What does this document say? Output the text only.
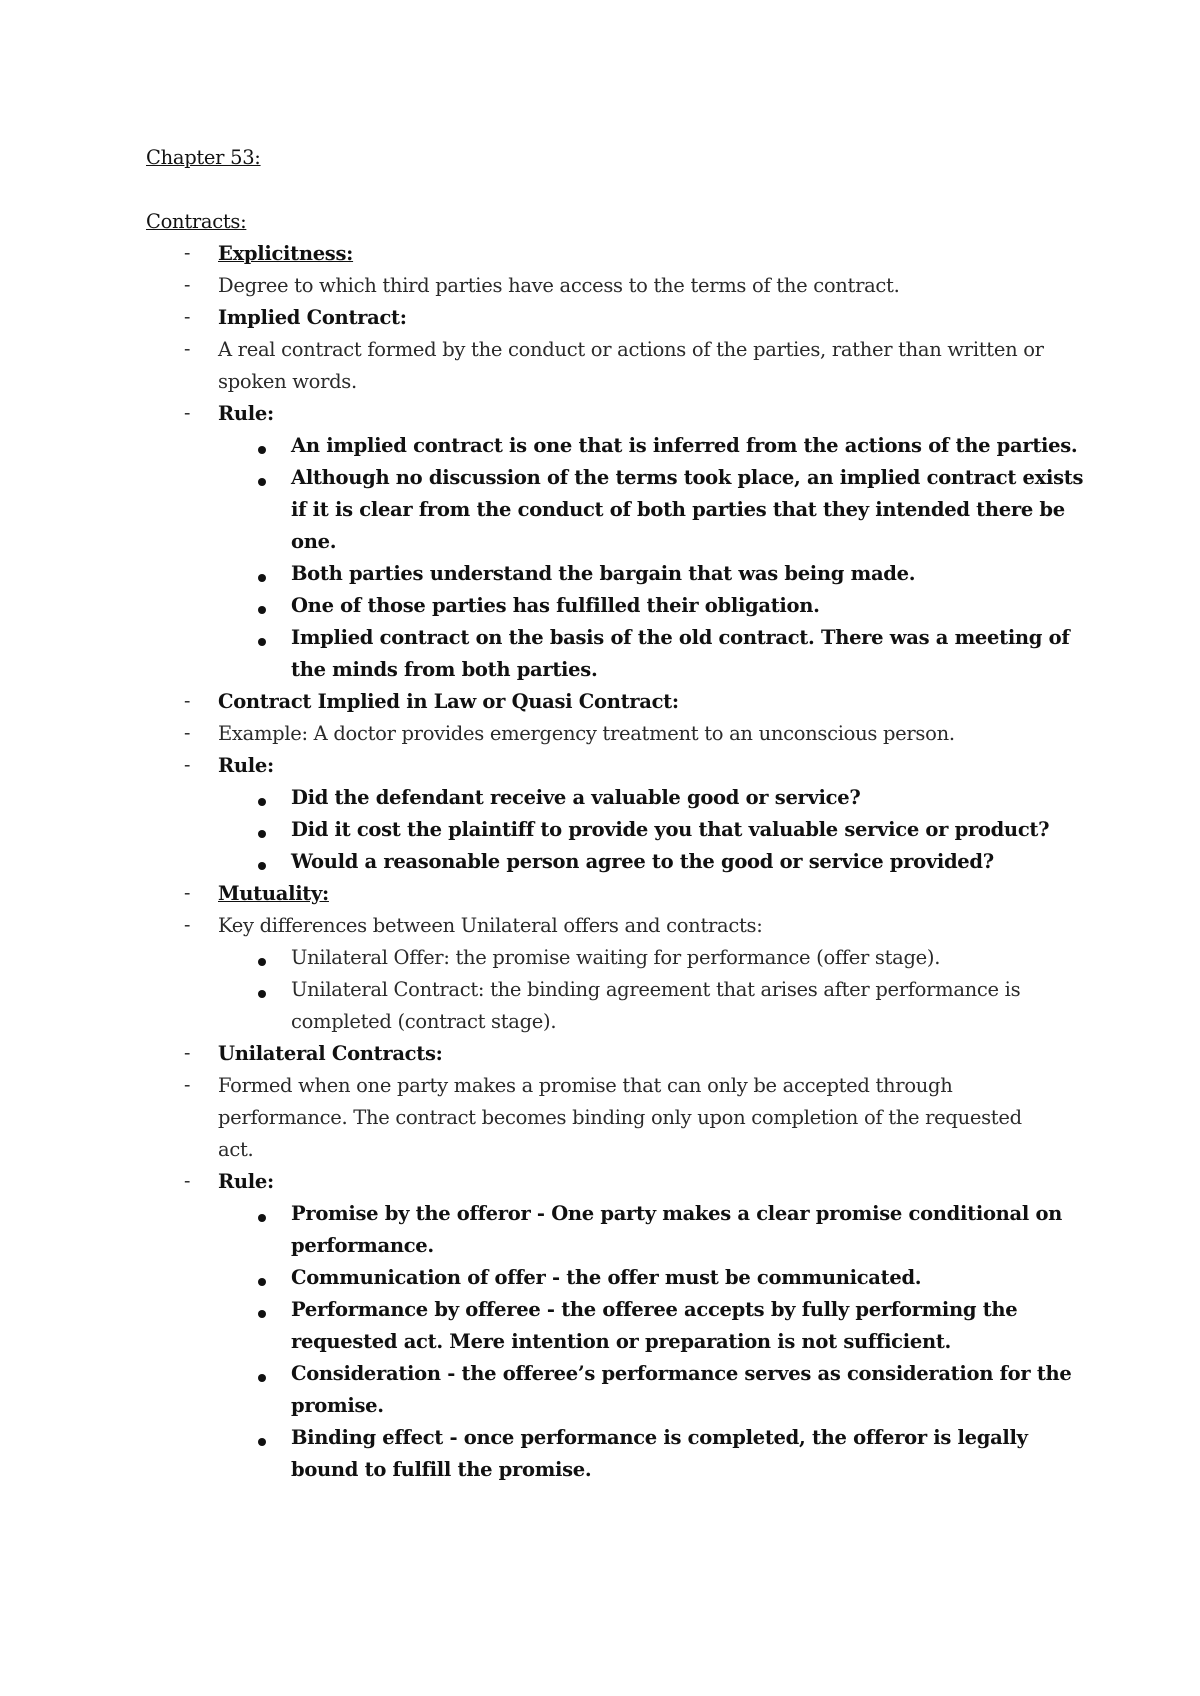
Chapter 53:
Contracts:
- Explicitness:
- Degree to which third parties have access to the terms of the contract.
- Implied Contract:
- A real contract formed by the conduct or actions of the parties, rather than written or
spoken words.
- Rule:
An implied contract is one that is inferred from the actions of the parties.
Although no discussion of the terms took place, an implied contract exists
if it is clear from the conduct of both parties that they intended there be
one.
Both parties understand the bargain that was being made.
One of those parties has fulfilled their obligation.
Implied contract on the basis of the old contract. There was a meeting of
the minds from both parties.
- Contract Implied in Law or Quasi Contract:
- Example: A doctor provides emergency treatment to an unconscious person.
- Rule:
Did the defendant receive a valuable good or service?
Did it cost the plaintiff to provide you that valuable service or product?
Would a reasonable person agree to the good or service provided?
- Mutuality:
- Key differences between Unilateral offers and contracts:
Unilateral Offer: the promise waiting for performance (offer stage).
Unilateral Contract: the binding agreement that arises after performance is
completed (contract stage).
- Unilateral Contracts:
- Formed when one party makes a promise that can only be accepted through
performance. The contract becomes binding only upon completion of the requested
act.
- Rule:
Promise by the offeror - One party makes a clear promise conditional on
performance.
Communication of offer - the offer must be communicated.
Performance by offeree - the offeree accepts by fully performing the
requested act. Mere intention or preparation is not sufficient.
Consideration - the offeree’s performance serves as consideration for the
promise.
Binding effect - once performance is completed, the offeror is legally
bound to fulfill the promise.
